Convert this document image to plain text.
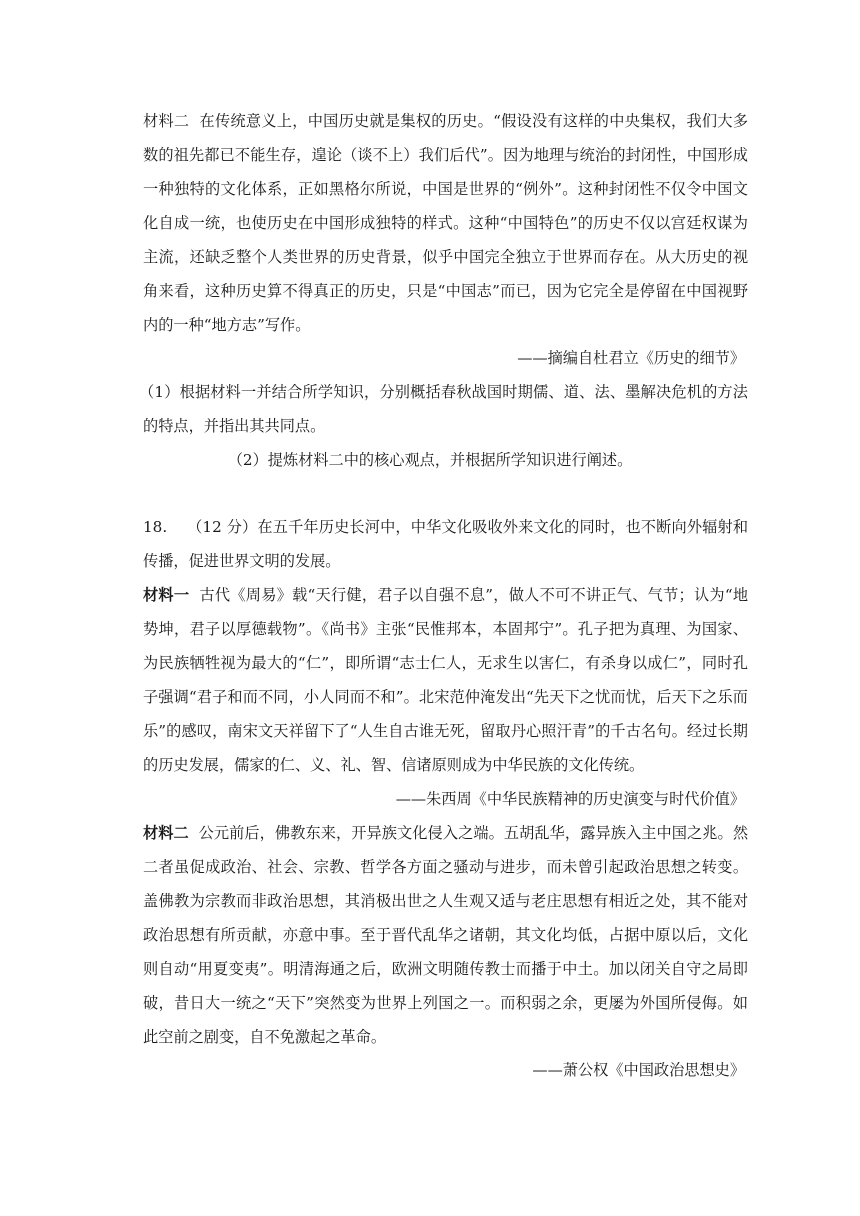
材料二 在传统意义上，中国历史就是集权的历史。“假设没有这样的中央集权，我们大多数的祖先都已不能生存，遑论（谈不上）我们后代”。因为地理与统治的封闭性，中国形成一种独特的文化体系，正如黑格尔所说，中国是世界的“例外”。这种封闭性不仅令中国文化自成一统，也使历史在中国形成独特的样式。这种“中国特色”的历史不仅以宫廷权谋为主流，还缺乏整个人类世界的历史背景，似乎中国完全独立于世界而存在。从大历史的视角来看，这种历史算不得真正的历史，只是“中国志”而已，因为它完全是停留在中国视野内的一种“地方志”写作。

——摘编自杜君立《历史的细节》

（1）根据材料一并结合所学知识，分别概括春秋战国时期儒、道、法、墨解决危机的方法的特点，并指出其共同点。

（2）提炼材料二中的核心观点，并根据所学知识进行阐述。

18. （12 分）在五千年历史长河中，中华文化吸收外来文化的同时，也不断向外辐射和传播，促进世界文明的发展。

材料一 古代《周易》载“天行健，君子以自强不息”，做人不可不讲正气、气节；认为“地势坤，君子以厚德载物”。《尚书》主张“民惟邦本，本固邦宁”。孔子把为真理、为国家、为民族牺牲视为最大的“仁”，即所谓“志士仁人，无求生以害仁，有杀身以成仁”，同时孔子强调“君子和而不同，小人同而不和”。北宋范仲淹发出“先天下之忧而忧，后天下之乐而乐”的感叹，南宋文天祥留下了“人生自古谁无死，留取丹心照汗青”的千古名句。经过长期的历史发展，儒家的仁、义、礼、智、信诸原则成为中华民族的文化传统。

——朱西周《中华民族精神的历史演变与时代价值》

材料二 公元前后，佛教东来，开异族文化侵入之端。五胡乱华，露异族入主中国之兆。然二者虽促成政治、社会、宗教、哲学各方面之骚动与进步，而未曾引起政治思想之转变。盖佛教为宗教而非政治思想，其消极出世之人生观又适与老庄思想有相近之处，其不能对政治思想有所贡献，亦意中事。至于晋代乱华之诸朝，其文化均低，占据中原以后，文化则自动“用夏变夷”。明清海通之后，欧洲文明随传教士而播于中土。加以闭关自守之局即破，昔日大一统之“天下”突然变为世界上列国之一。而积弱之余，更屡为外国所侵侮。如此空前之剧变，自不免激起之革命。

——萧公权《中国政治思想史》
